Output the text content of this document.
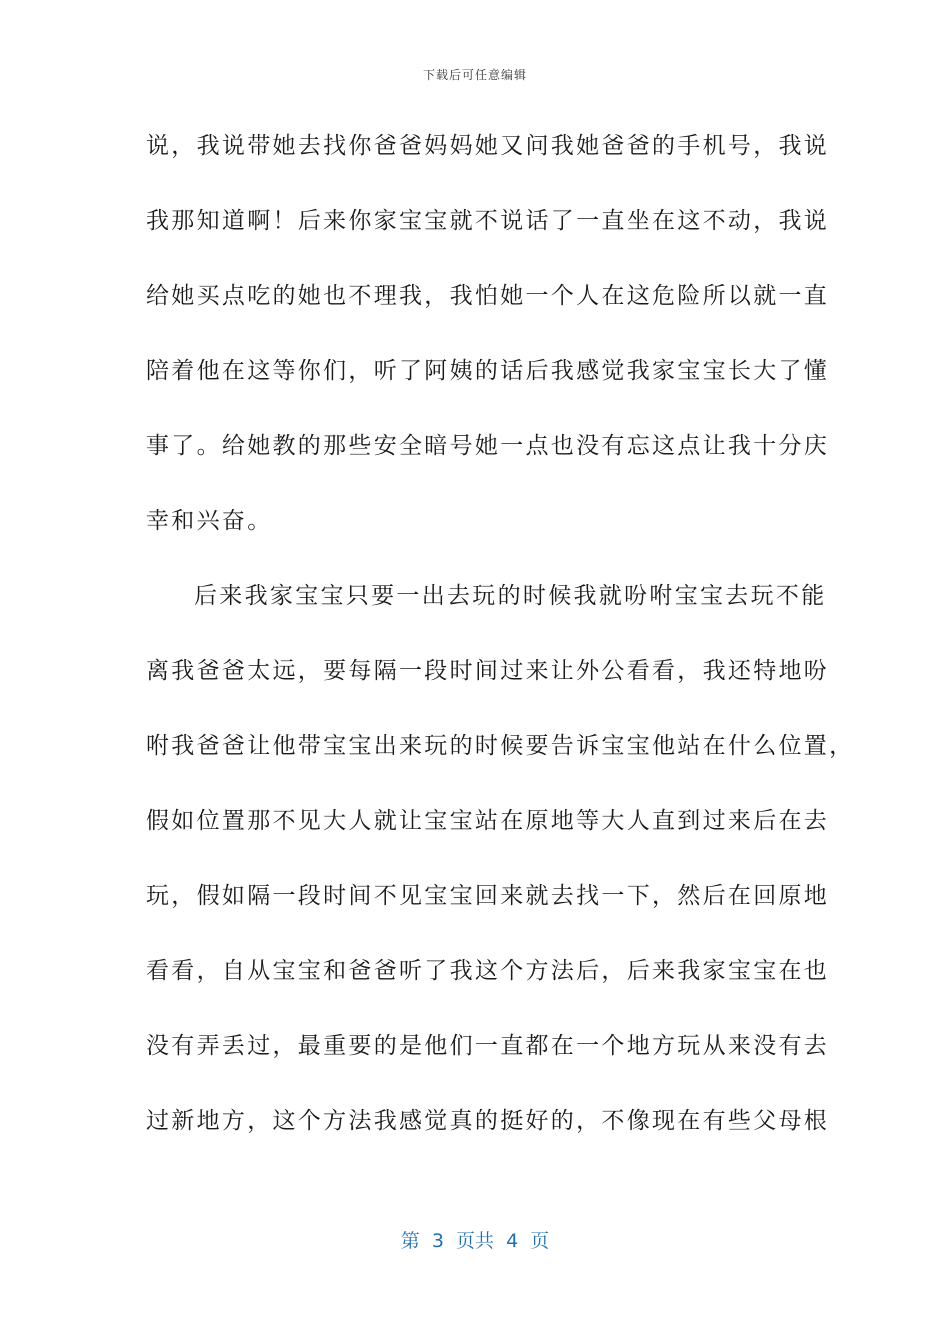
下载后可任意编辑
说，我说带她去找你爸爸妈妈她又问我她爸爸的手机号，我说
我那知道啊！后来你家宝宝就不说话了一直坐在这不动，我说
给她买点吃的她也不理我，我怕她一个人在这危险所以就一直
陪着他在这等你们，听了阿姨的话后我感觉我家宝宝长大了懂
事了。给她教的那些安全暗号她一点也没有忘这点让我十分庆
幸和兴奋。
后来我家宝宝只要一出去玩的时候我就吩咐宝宝去玩不能
离我爸爸太远，要每隔一段时间过来让外公看看，我还特地吩
咐我爸爸让他带宝宝出来玩的时候要告诉宝宝他站在什么位置，
假如位置那不见大人就让宝宝站在原地等大人直到过来后在去
玩，假如隔一段时间不见宝宝回来就去找一下，然后在回原地
看看，自从宝宝和爸爸听了我这个方法后，后来我家宝宝在也
没有弄丢过，最重要的是他们一直都在一个地方玩从来没有去
过新地方，这个方法我感觉真的挺好的，不像现在有些父母根
第  3  页共  4  页
